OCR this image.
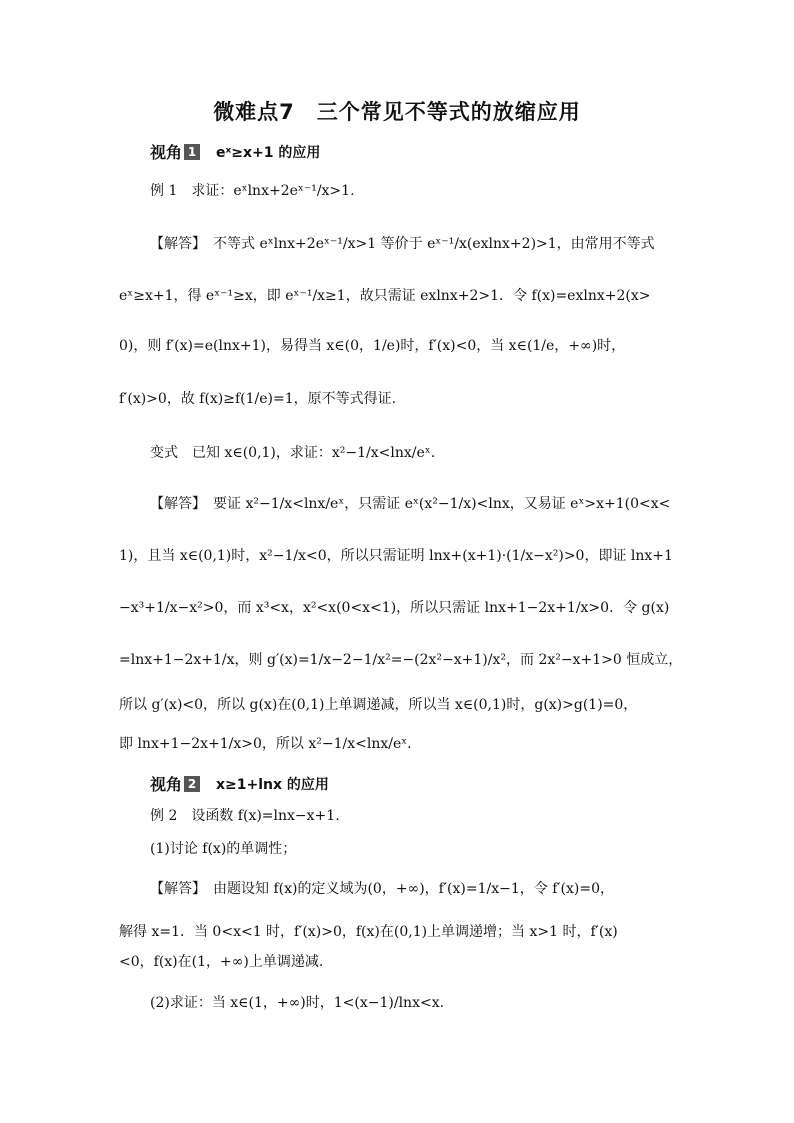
微难点7　三个常见不等式的放缩应用
视角 1 eˣ≥x+1 的应用
例 1　求证：eˣlnx+2eˣ⁻¹/x>1.
【解答】　不等式 eˣlnx+2eˣ⁻¹/x>1 等价于 eˣ⁻¹/x(exlnx+2)>1，由常用不等式
eˣ≥x+1，得 eˣ⁻¹≥x，即 eˣ⁻¹/x≥1，故只需证 exlnx+2>1．令 f(x)=exlnx+2(x>
0)，则 f′(x)=e(lnx+1)，易得当 x∈(0，1/e)时，f′(x)<0，当 x∈(1/e，+∞)时，
f′(x)>0，故 f(x)≥f(1/e)=1，原不等式得证.
变式　已知 x∈(0,1)，求证：x²−1/x<lnx/eˣ.
【解答】　要证 x²−1/x<lnx/eˣ，只需证 eˣ(x²−1/x)<lnx，又易证 eˣ>x+1(0<x<
1)，且当 x∈(0,1)时，x²−1/x<0，所以只需证明 lnx+(x+1)·(1/x−x²)>0，即证 lnx+1
−x³+1/x−x²>0，而 x³<x，x²<x(0<x<1)，所以只需证 lnx+1−2x+1/x>0．令 g(x)
=lnx+1−2x+1/x，则 g′(x)=1/x−2−1/x²=−(2x²−x+1)/x²，而 2x²−x+1>0 恒成立，
所以 g′(x)<0，所以 g(x)在(0,1)上单调递减，所以当 x∈(0,1)时，g(x)>g(1)=0，
即 lnx+1−2x+1/x>0，所以 x²−1/x<lnx/eˣ.
视角 2 x≥1+lnx 的应用
例 2　设函数 f(x)=lnx−x+1.
(1)讨论 f(x)的单调性；
【解答】　由题设知 f(x)的定义域为(0，+∞)，f′(x)=1/x−1，令 f′(x)=0，
解得 x=1．当 0<x<1 时，f′(x)>0，f(x)在(0,1)上单调递增；当 x>1 时，f′(x)
<0，f(x)在(1，+∞)上单调递减.
(2)求证：当 x∈(1，+∞)时，1<(x−1)/lnx<x.
